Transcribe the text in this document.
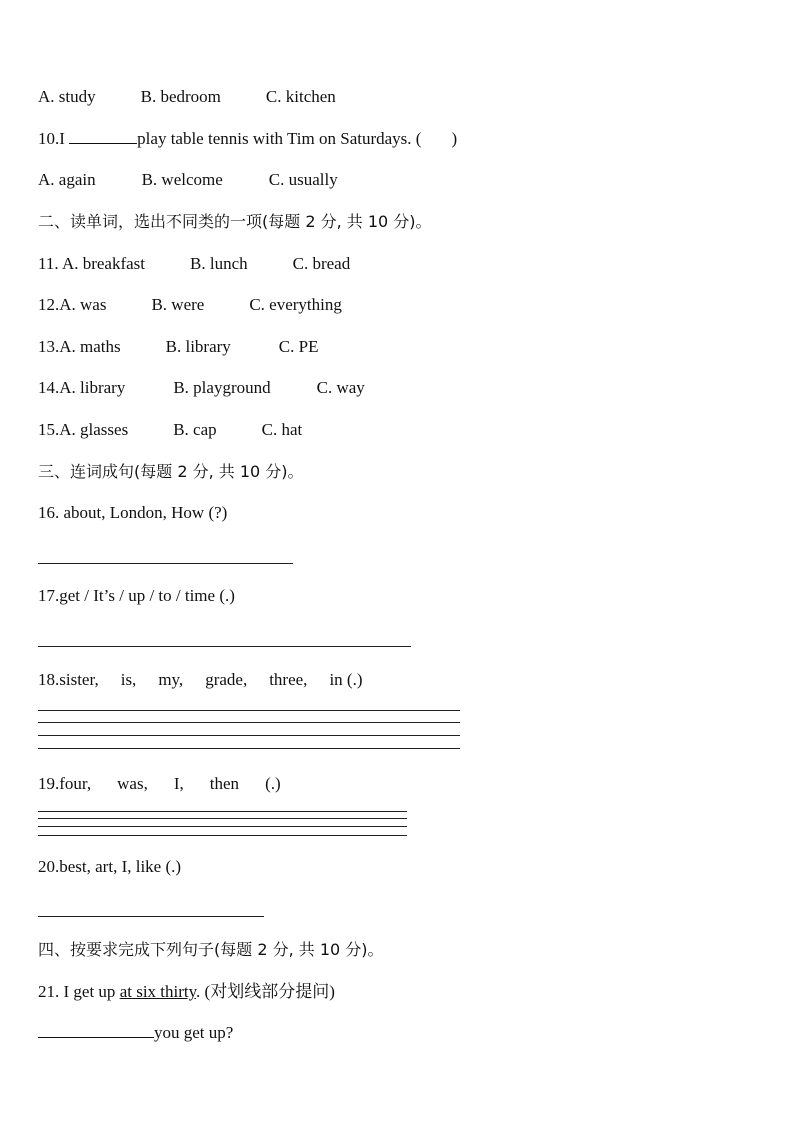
A. study	B. bedroom	C. kitchen
10.I	play table tennis with Tim on Saturdays. ( )
A. again	B. welcome	C. usually
二、读单词，选出不同类的一项(每题 2 分, 共 10 分)。
11. A. breakfast	B. lunch	C. bread
12.A. was	B. were	C. everything
13.A. maths	B. library	C. PE
14.A. library	B. playground	C. way
15.A. glasses	B. cap	C. hat
三、连词成句(每题 2 分, 共 10 分)。
16. about, London, How (?)
17.get / It’s / up / to / time (.)
18.sister, is, my, grade, three, in (.)
19.four, was, I, then (.)
20.best, art, I, like (.)
四、按要求完成下列句子(每题 2 分, 共 10 分)。
21. I get up at six thirty. (对划线部分提问)
you get up?
